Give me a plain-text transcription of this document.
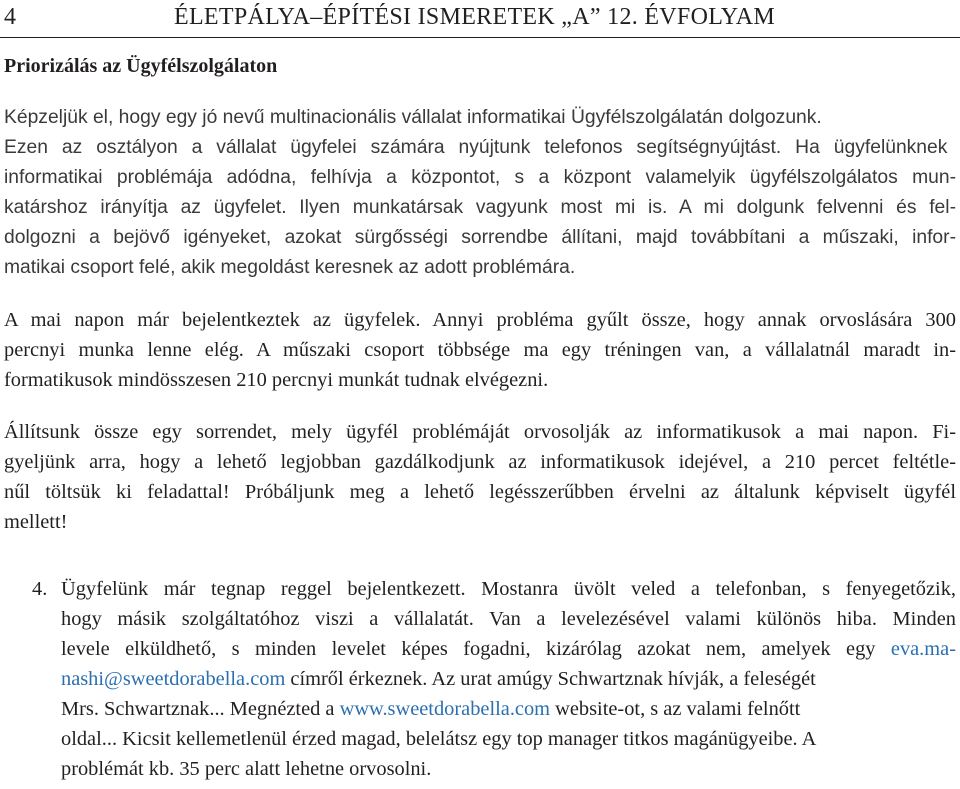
4	ÉLETPÁLYA–ÉPÍTÉSI ISMERETEK „A” 12. ÉVFOLYAM
Priorizálás az Ügyfélszolgálaton
Képzeljük el, hogy egy jó nevű multinacionális vállalat informatikai Ügyfélszolgálatán dolgozunk.
Ezen az osztályon a vállalat ügyfelei számára nyújtunk telefonos segítségnyújtást. Ha ügyfelünknek
informatikai problémája adódna, felhívja a központot, s a központ valamelyik ügyfélszolgálatos mun-
katárshoz irányítja az ügyfelet. Ilyen munkatársak vagyunk most mi is. A mi dolgunk felvenni és fel-
dolgozni a bejövő igényeket, azokat sürgősségi sorrendbe állítani, majd továbbítani a műszaki, infor-
matikai csoport felé, akik megoldást keresnek az adott problémára.
A mai napon már bejelentkeztek az ügyfelek. Annyi probléma gyűlt össze, hogy annak orvoslására 300
percnyi munka lenne elég. A műszaki csoport többsége ma egy tréningen van, a vállalatnál maradt in-
formatikusok mindösszesen 210 percnyi munkát tudnak elvégezni.
Állítsunk össze egy sorrendet, mely ügyfél problémáját orvosolják az informatikusok a mai napon. Fi-
gyeljünk arra, hogy a lehető legjobban gazdálkodjunk az informatikusok idejével, a 210 percet feltétle-
nűl töltsük ki feladattal! Próbáljunk meg a lehető legésszerűbben érvelni az általunk képviselt ügyfél
mellett!
4. Ügyfelünk már tegnap reggel bejelentkezett. Mostanra üvölt veled a telefonban, s fenyegetőzik,
hogy másik szolgáltatóhoz viszi a vállalatát. Van a levelezésével valami különös hiba. Minden
levele elküldhető, s minden levelet képes fogadni, kizárólag azokat nem, amelyek egy eva.ma-
nashi@sweetdorabella.com címről érkeznek. Az urat amúgy Schwartznak hívják, a feleségét
Mrs. Schwartznak... Megnézted a www.sweetdorabella.com website-ot, s az valami felnőtt
oldal... Kicsit kellemetlenül érzed magad, belelátsz egy top manager titkos magánügyeibe. A
problémát kb. 35 perc alatt lehetne orvosolni.
